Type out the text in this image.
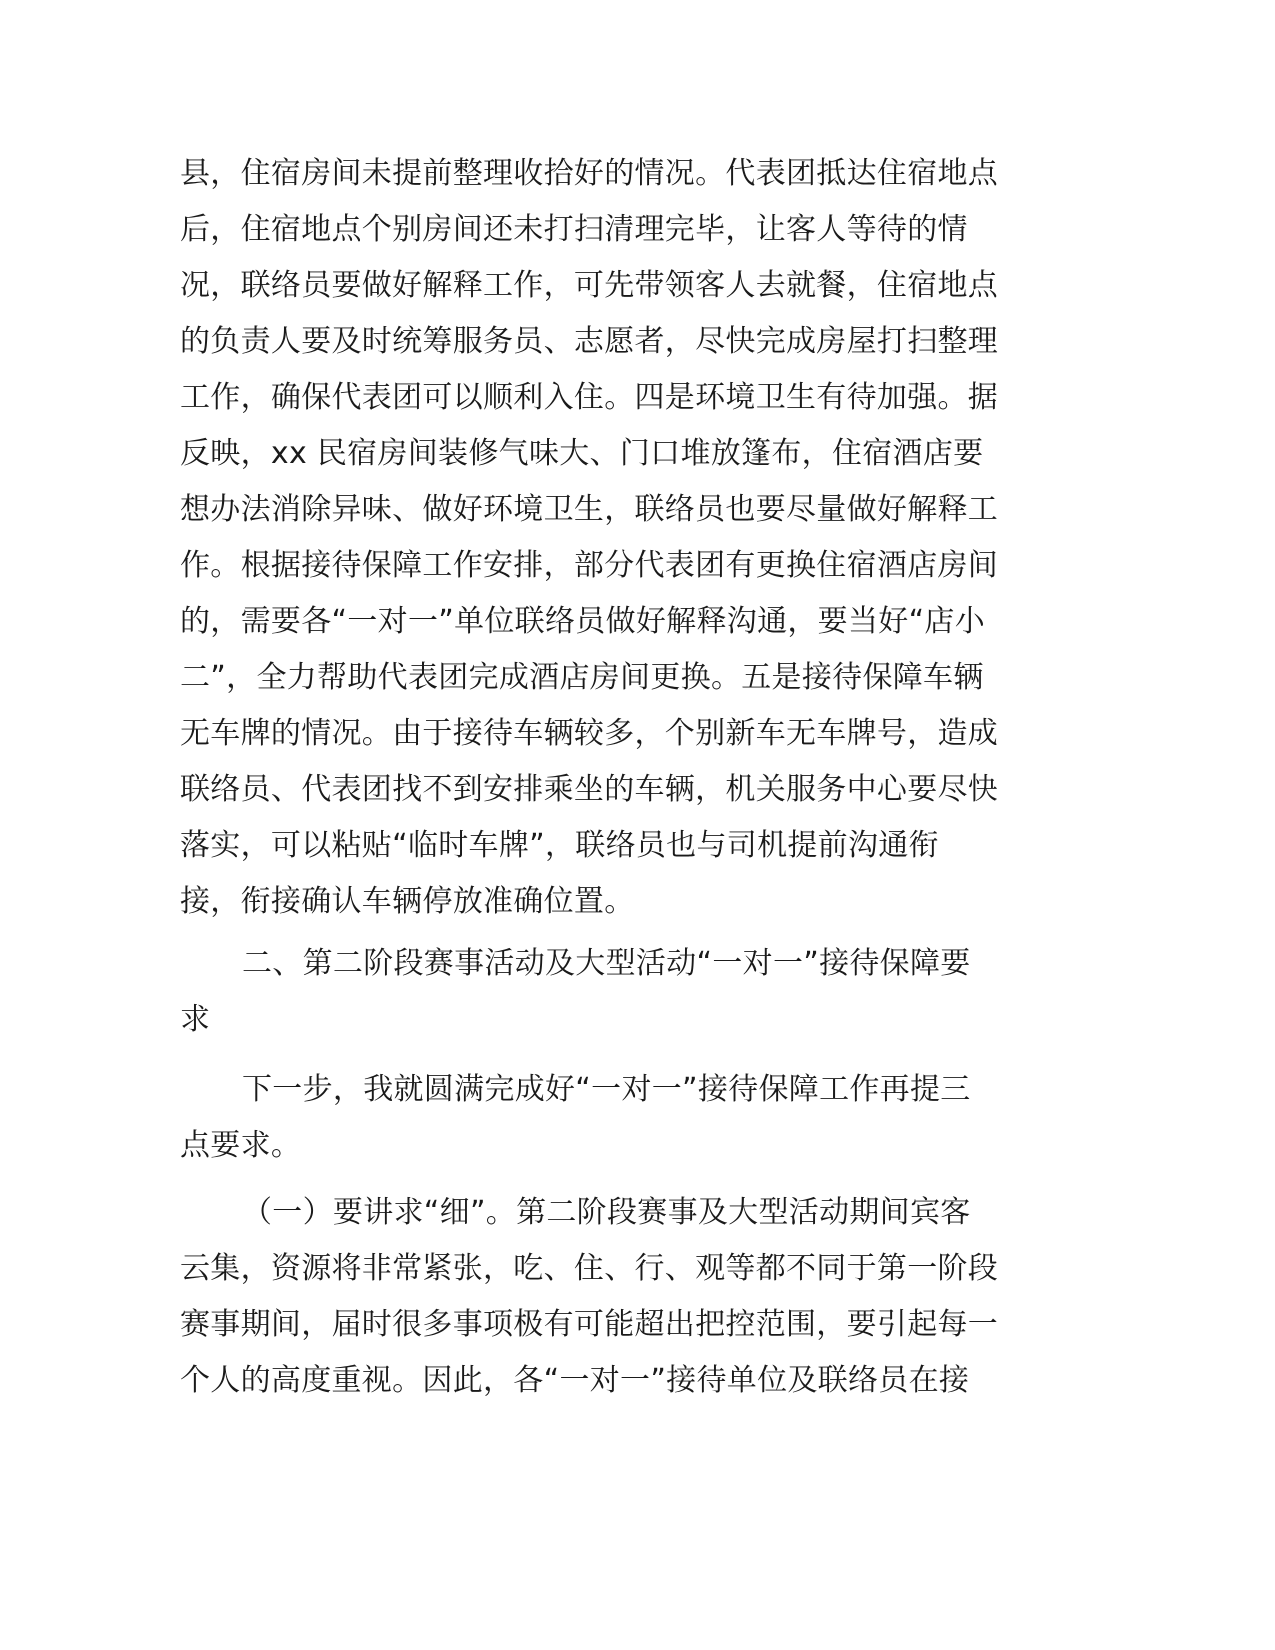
县，住宿房间未提前整理收拾好的情况。代表团抵达住宿地点
后，住宿地点个别房间还未打扫清理完毕，让客人等待的情
况，联络员要做好解释工作，可先带领客人去就餐，住宿地点
的负责人要及时统筹服务员、志愿者，尽快完成房屋打扫整理
工作，确保代表团可以顺利入住。四是环境卫生有待加强。据
反映，xx 民宿房间装修气味大、门口堆放篷布，住宿酒店要
想办法消除异味、做好环境卫生，联络员也要尽量做好解释工
作。根据接待保障工作安排，部分代表团有更换住宿酒店房间
的，需要各“一对一”单位联络员做好解释沟通，要当好“店小
二”，全力帮助代表团完成酒店房间更换。五是接待保障车辆
无车牌的情况。由于接待车辆较多，个别新车无车牌号，造成
联络员、代表团找不到安排乘坐的车辆，机关服务中心要尽快
落实，可以粘贴“临时车牌”，联络员也与司机提前沟通衔
接，衔接确认车辆停放准确位置。
二、第二阶段赛事活动及大型活动“一对一”接待保障要
求
下一步，我就圆满完成好“一对一”接待保障工作再提三
点要求。
（一）要讲求“细”。第二阶段赛事及大型活动期间宾客
云集，资源将非常紧张，吃、住、行、观等都不同于第一阶段
赛事期间，届时很多事项极有可能超出把控范围，要引起每一
个人的高度重视。因此，各“一对一”接待单位及联络员在接
